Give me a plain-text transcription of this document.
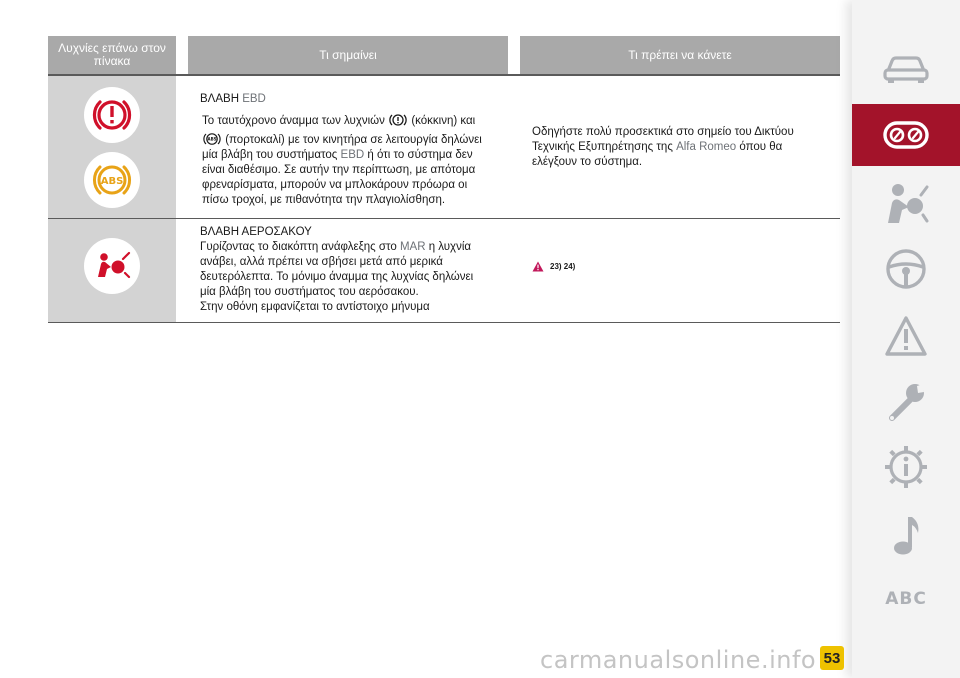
Λυχνίες επάνω στον πίνακα	Τι σημαίνει	Τι πρέπει να κάνετε
ABS
ΒΛΑΒΗ EBD
Το ταυτόχρονο άναμμα των λυχνιών (κόκκινη) και
ABS (πορτοκαλί) με τον κινητήρα σε λειτουργία δηλώνει
μία βλάβη του συστήματος EBD ή ότι το σύστημα δεν
είναι διαθέσιμο. Σε αυτήν την περίπτωση, με απότομα
φρεναρίσματα, μπορούν να μπλοκάρουν πρόωρα οι
πίσω τροχοί, με πιθανότητα την πλαγιολίσθηση.
Οδηγήστε πολύ προσεκτικά στο σημείο του Δικτύου Τεχνικής Εξυπηρέτησης της Alfa Romeo όπου θα ελέγξουν το σύστημα.
ΒΛΑΒΗ ΑΕΡΟΣΑΚΟΥ
Γυρίζοντας το διακόπτη ανάφλεξης στο MAR η λυχνία
ανάβει, αλλά πρέπει να σβήσει μετά από μερικά
δευτερόλεπτα. Το μόνιμο άναμμα της λυχνίας δηλώνει
μία βλάβη του συστήματος του αερόσακου.
Στην οθόνη εμφανίζεται το αντίστοιχο μήνυμα
23) 24)
ABC
carmanualsonline.info 53
